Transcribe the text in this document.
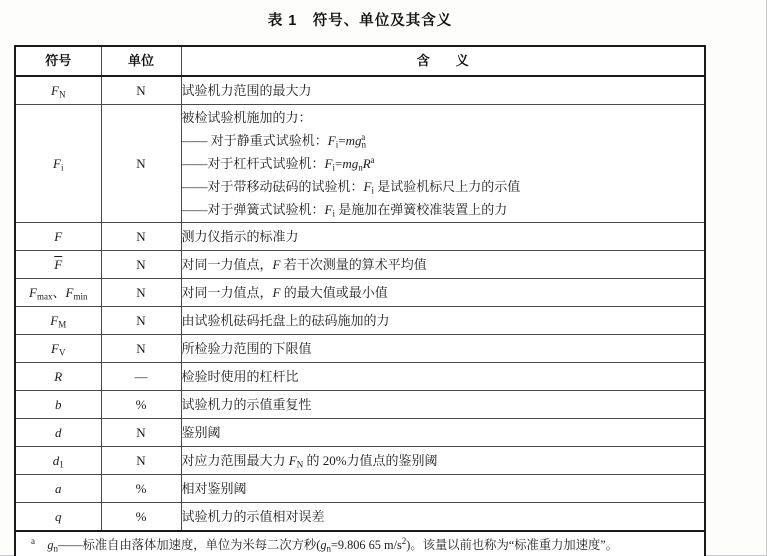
表 1　符号、单位及其含义
符号	单位	含　　义
$F_N$	N	试验机力范围的最大力
$F_i$	N	被检试验机施加的力：
—— 对于静重式试验机：$F_i=mg_n^a$
——对于杠杆式试验机：$F_i=mg_nR^a$
——对于带移动砝码的试验机：$F_i$ 是试验机标尺上力的示值
——对于弹簧式试验机：$F_i$ 是施加在弹簧校准装置上的力
F	N	测力仪指示的标准力
$\overline{F}$	N	对同一力值点，F 若干次测量的算术平均值
$F_{max}$、$F_{min}$	N	对同一力值点，F 的最大值或最小值
$F_M$	N	由试验机砝码托盘上的砝码施加的力
$F_V$	N	所检验力范围的下限值
R	—	检验时使用的杠杆比
b	%	试验机力的示值重复性
d	N	鉴别阈
$d_1$	N	对应力范围最大力 $F_N$ 的 20%力值点的鉴别阈
a	%	相对鉴别阈
q	%	试验机力的示值相对误差
$^a$　 $g_n——$标准自由落体加速度，单位为米每二次方秒($g_n=9.806$ 65 $m/s^2$)。该量以前也称为“标准重力加速度”。		
